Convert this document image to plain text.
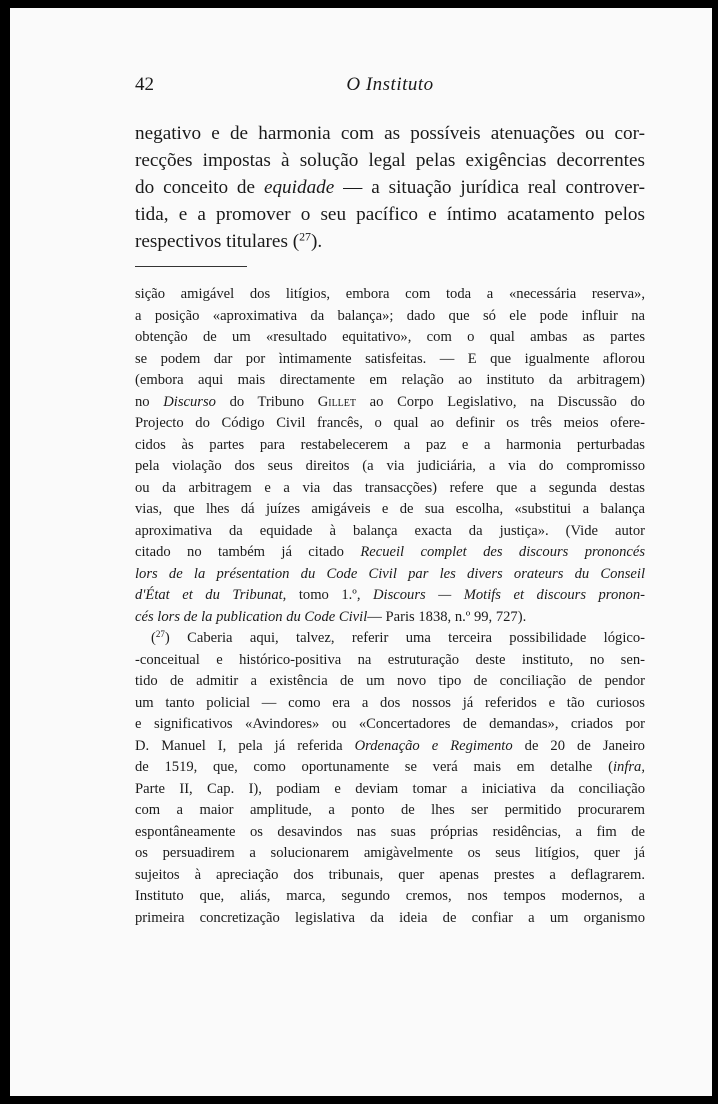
42	O Instituto
negativo e de harmonia com as possíveis atenuações ou cor-
recções impostas à solução legal pelas exigências decorrentes
do conceito de equidade — a situação jurídica real controver-
tida, e a promover o seu pacífico e íntimo acatamento pelos
respectivos titulares ($^{27}$).
sição amigável dos litígios, embora com toda a «necessária reserva»,
a posição «aproximativa da balança»; dado que só ele pode influir na
obtenção de um «resultado equitativo», com o qual ambas as partes
se podem dar por ìntimamente satisfeitas. — E que igualmente aflorou
(embora aqui mais directamente em relação ao instituto da arbitragem)
no Discurso do Tribuno Gillet ao Corpo Legislativo, na Discussão do
Projecto do Código Civil francês, o qual ao definir os três meios ofere-
cidos às partes para restabelecerem a paz e a harmonia perturbadas
pela violação dos seus direitos (a via judiciária, a via do compromisso
ou da arbitragem e a via das transacções) refere que a segunda destas
vias, que lhes dá juízes amigáveis e de sua escolha, «substitui a balança
aproximativa da equidade à balança exacta da justiça». (Vide autor
citado no também já citado Recueil complet des discours prononcés
lors de la présentation du Code Civil par les divers orateurs du Conseil
d'État et du Tribunat, tomo 1.º, Discours — Motifs et discours pronon-
cés lors de la publication du Code Civil— Paris 1838, n.º 99, 727).
($^{27}$) Caberia aqui, talvez, referir uma terceira possibilidade lógico-
-conceitual e histórico-positiva na estruturação deste instituto, no sen-
tido de admitir a existência de um novo tipo de conciliação de pendor
um tanto policial — como era a dos nossos já referidos e tão curiosos
e significativos «Avindores» ou «Concertadores de demandas», criados por
D. Manuel I, pela já referida Ordenação e Regimento de 20 de Janeiro
de 1519, que, como oportunamente se verá mais em detalhe (infra,
Parte II, Cap. I), podiam e deviam tomar a iniciativa da conciliação
com a maior amplitude, a ponto de lhes ser permitido procurarem
espontâneamente os desavindos nas suas próprias residências, a fim de
os persuadirem a solucionarem amigàvelmente os seus litígios, quer já
sujeitos à apreciação dos tribunais, quer apenas prestes a deflagrarem.
Instituto que, aliás, marca, segundo cremos, nos tempos modernos, a
primeira concretização legislativa da ideia de confiar a um organismo
